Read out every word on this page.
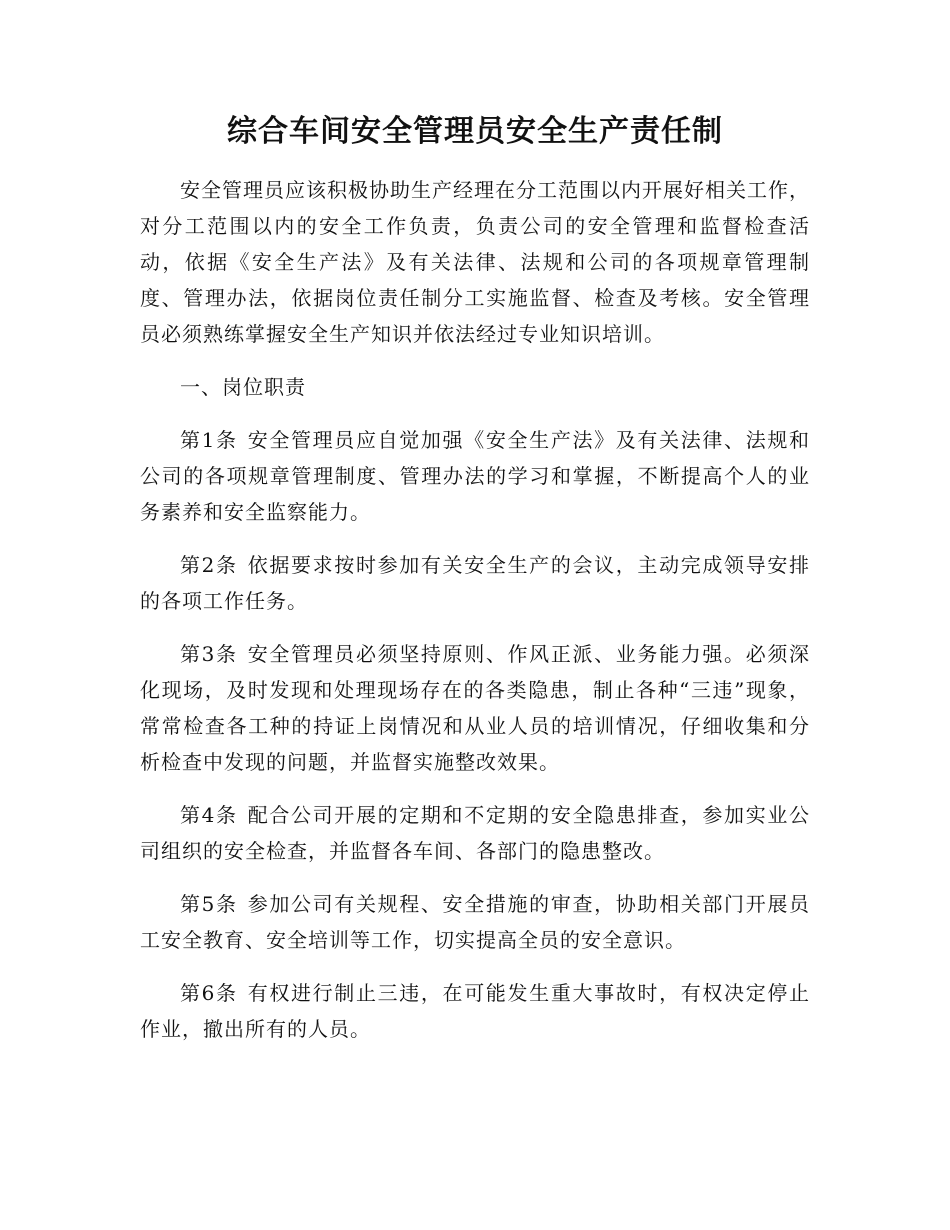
综合车间安全管理员安全生产责任制

安全管理员应该积极协助生产经理在分工范围以内开展好相关工作，对分工范围以内的安全工作负责，负责公司的安全管理和监督检查活动，依据《安全生产法》及有关法律、法规和公司的各项规章管理制度、管理办法，依据岗位责任制分工实施监督、检查及考核。安全管理员必须熟练掌握安全生产知识并依法经过专业知识培训。

一、岗位职责

第1条 安全管理员应自觉加强《安全生产法》及有关法律、法规和公司的各项规章管理制度、管理办法的学习和掌握，不断提高个人的业务素养和安全监察能力。

第2条 依据要求按时参加有关安全生产的会议，主动完成领导安排的各项工作任务。

第3条 安全管理员必须坚持原则、作风正派、业务能力强。必须深化现场，及时发现和处理现场存在的各类隐患，制止各种“三违”现象，常常检查各工种的持证上岗情况和从业人员的培训情况，仔细收集和分析检查中发现的问题，并监督实施整改效果。

第4条 配合公司开展的定期和不定期的安全隐患排查，参加实业公司组织的安全检查，并监督各车间、各部门的隐患整改。

第5条 参加公司有关规程、安全措施的审查，协助相关部门开展员工安全教育、安全培训等工作，切实提高全员的安全意识。

第6条 有权进行制止三违，在可能发生重大事故时，有权决定停止作业，撤出所有的人员。
